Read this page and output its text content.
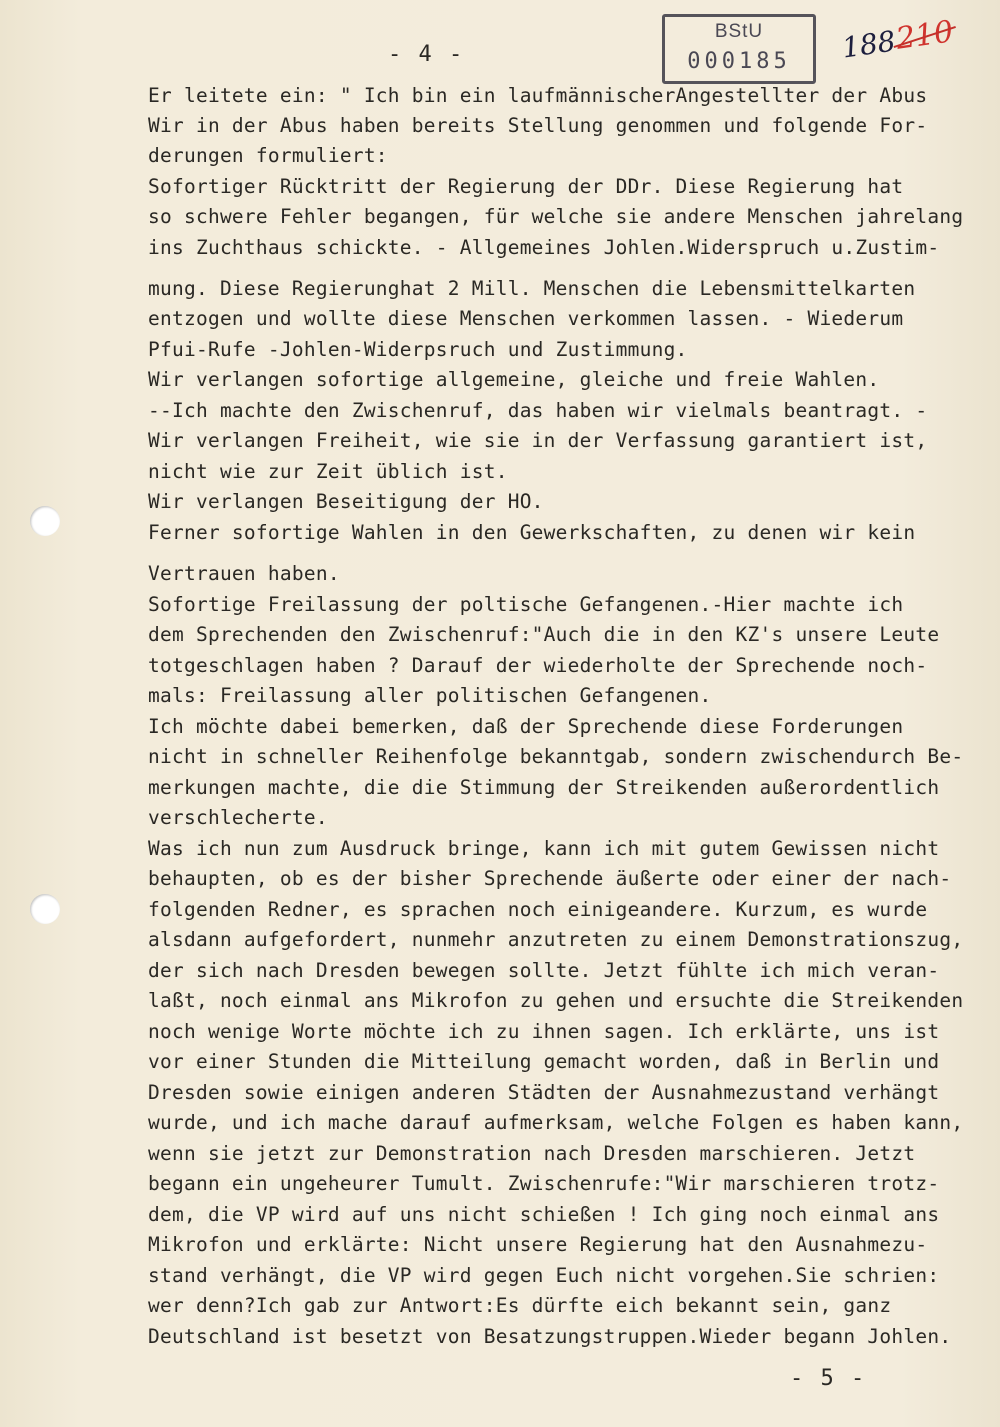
- 4 -
BStU
000185	188
210
Er leitete ein: " Ich bin ein laufmännischerAngestellter der Abus
Wir in der Abus haben bereits Stellung genommen und folgende For-
derungen formuliert:
Sofortiger Rücktritt der Regierung der DDr. Diese Regierung hat
so schwere Fehler begangen, für welche sie andere Menschen jahrelang
ins Zuchthaus schickte. - Allgemeines Johlen.Widerspruch u.Zustim-
mung. Diese Regierunghat 2 Mill. Menschen die Lebensmittelkarten
entzogen und wollte diese Menschen verkommen lassen. - Wiederum
Pfui-Rufe -Johlen-Widerpsruch und Zustimmung.
Wir verlangen sofortige allgemeine, gleiche und freie Wahlen.
--Ich machte den Zwischenruf, das haben wir vielmals beantragt. -
Wir verlangen Freiheit, wie sie in der Verfassung garantiert ist,
nicht wie zur Zeit üblich ist.
Wir verlangen Beseitigung der HO.
Ferner sofortige Wahlen in den Gewerkschaften, zu denen wir kein
Vertrauen haben.
Sofortige Freilassung der poltische Gefangenen.-Hier machte ich
dem Sprechenden den Zwischenruf:"Auch die in den KZ's unsere Leute
totgeschlagen haben ? Darauf der wiederholte der Sprechende noch-
mals: Freilassung aller politischen Gefangenen.
Ich möchte dabei bemerken, daß der Sprechende diese Forderungen
nicht in schneller Reihenfolge bekanntgab, sondern zwischendurch Be-
merkungen machte, die die Stimmung der Streikenden außerordentlich
verschlecherte.
Was ich nun zum Ausdruck bringe, kann ich mit gutem Gewissen nicht
behaupten, ob es der bisher Sprechende äußerte oder einer der nach-
folgenden Redner, es sprachen noch einigeandere. Kurzum, es wurde
alsdann aufgefordert, nunmehr anzutreten zu einem Demonstrationszug,
der sich nach Dresden bewegen sollte. Jetzt fühlte ich mich veran-
laßt, noch einmal ans Mikrofon zu gehen und ersuchte die Streikenden
noch wenige Worte möchte ich zu ihnen sagen. Ich erklärte, uns ist
vor einer Stunden die Mitteilung gemacht worden, daß in Berlin und
Dresden sowie einigen anderen Städten der Ausnahmezustand verhängt
wurde, und ich mache darauf aufmerksam, welche Folgen es haben kann,
wenn sie jetzt zur Demonstration nach Dresden marschieren. Jetzt
begann ein ungeheurer Tumult. Zwischenrufe:"Wir marschieren trotz-
dem, die VP wird auf uns nicht schießen ! Ich ging noch einmal ans
Mikrofon und erklärte: Nicht unsere Regierung hat den Ausnahmezu-
stand verhängt, die VP wird gegen Euch nicht vorgehen.Sie schrien:
wer denn?Ich gab zur Antwort:Es dürfte eich bekannt sein, ganz
Deutschland ist besetzt von Besatzungstruppen.Wieder begann Johlen.
- 5 -
